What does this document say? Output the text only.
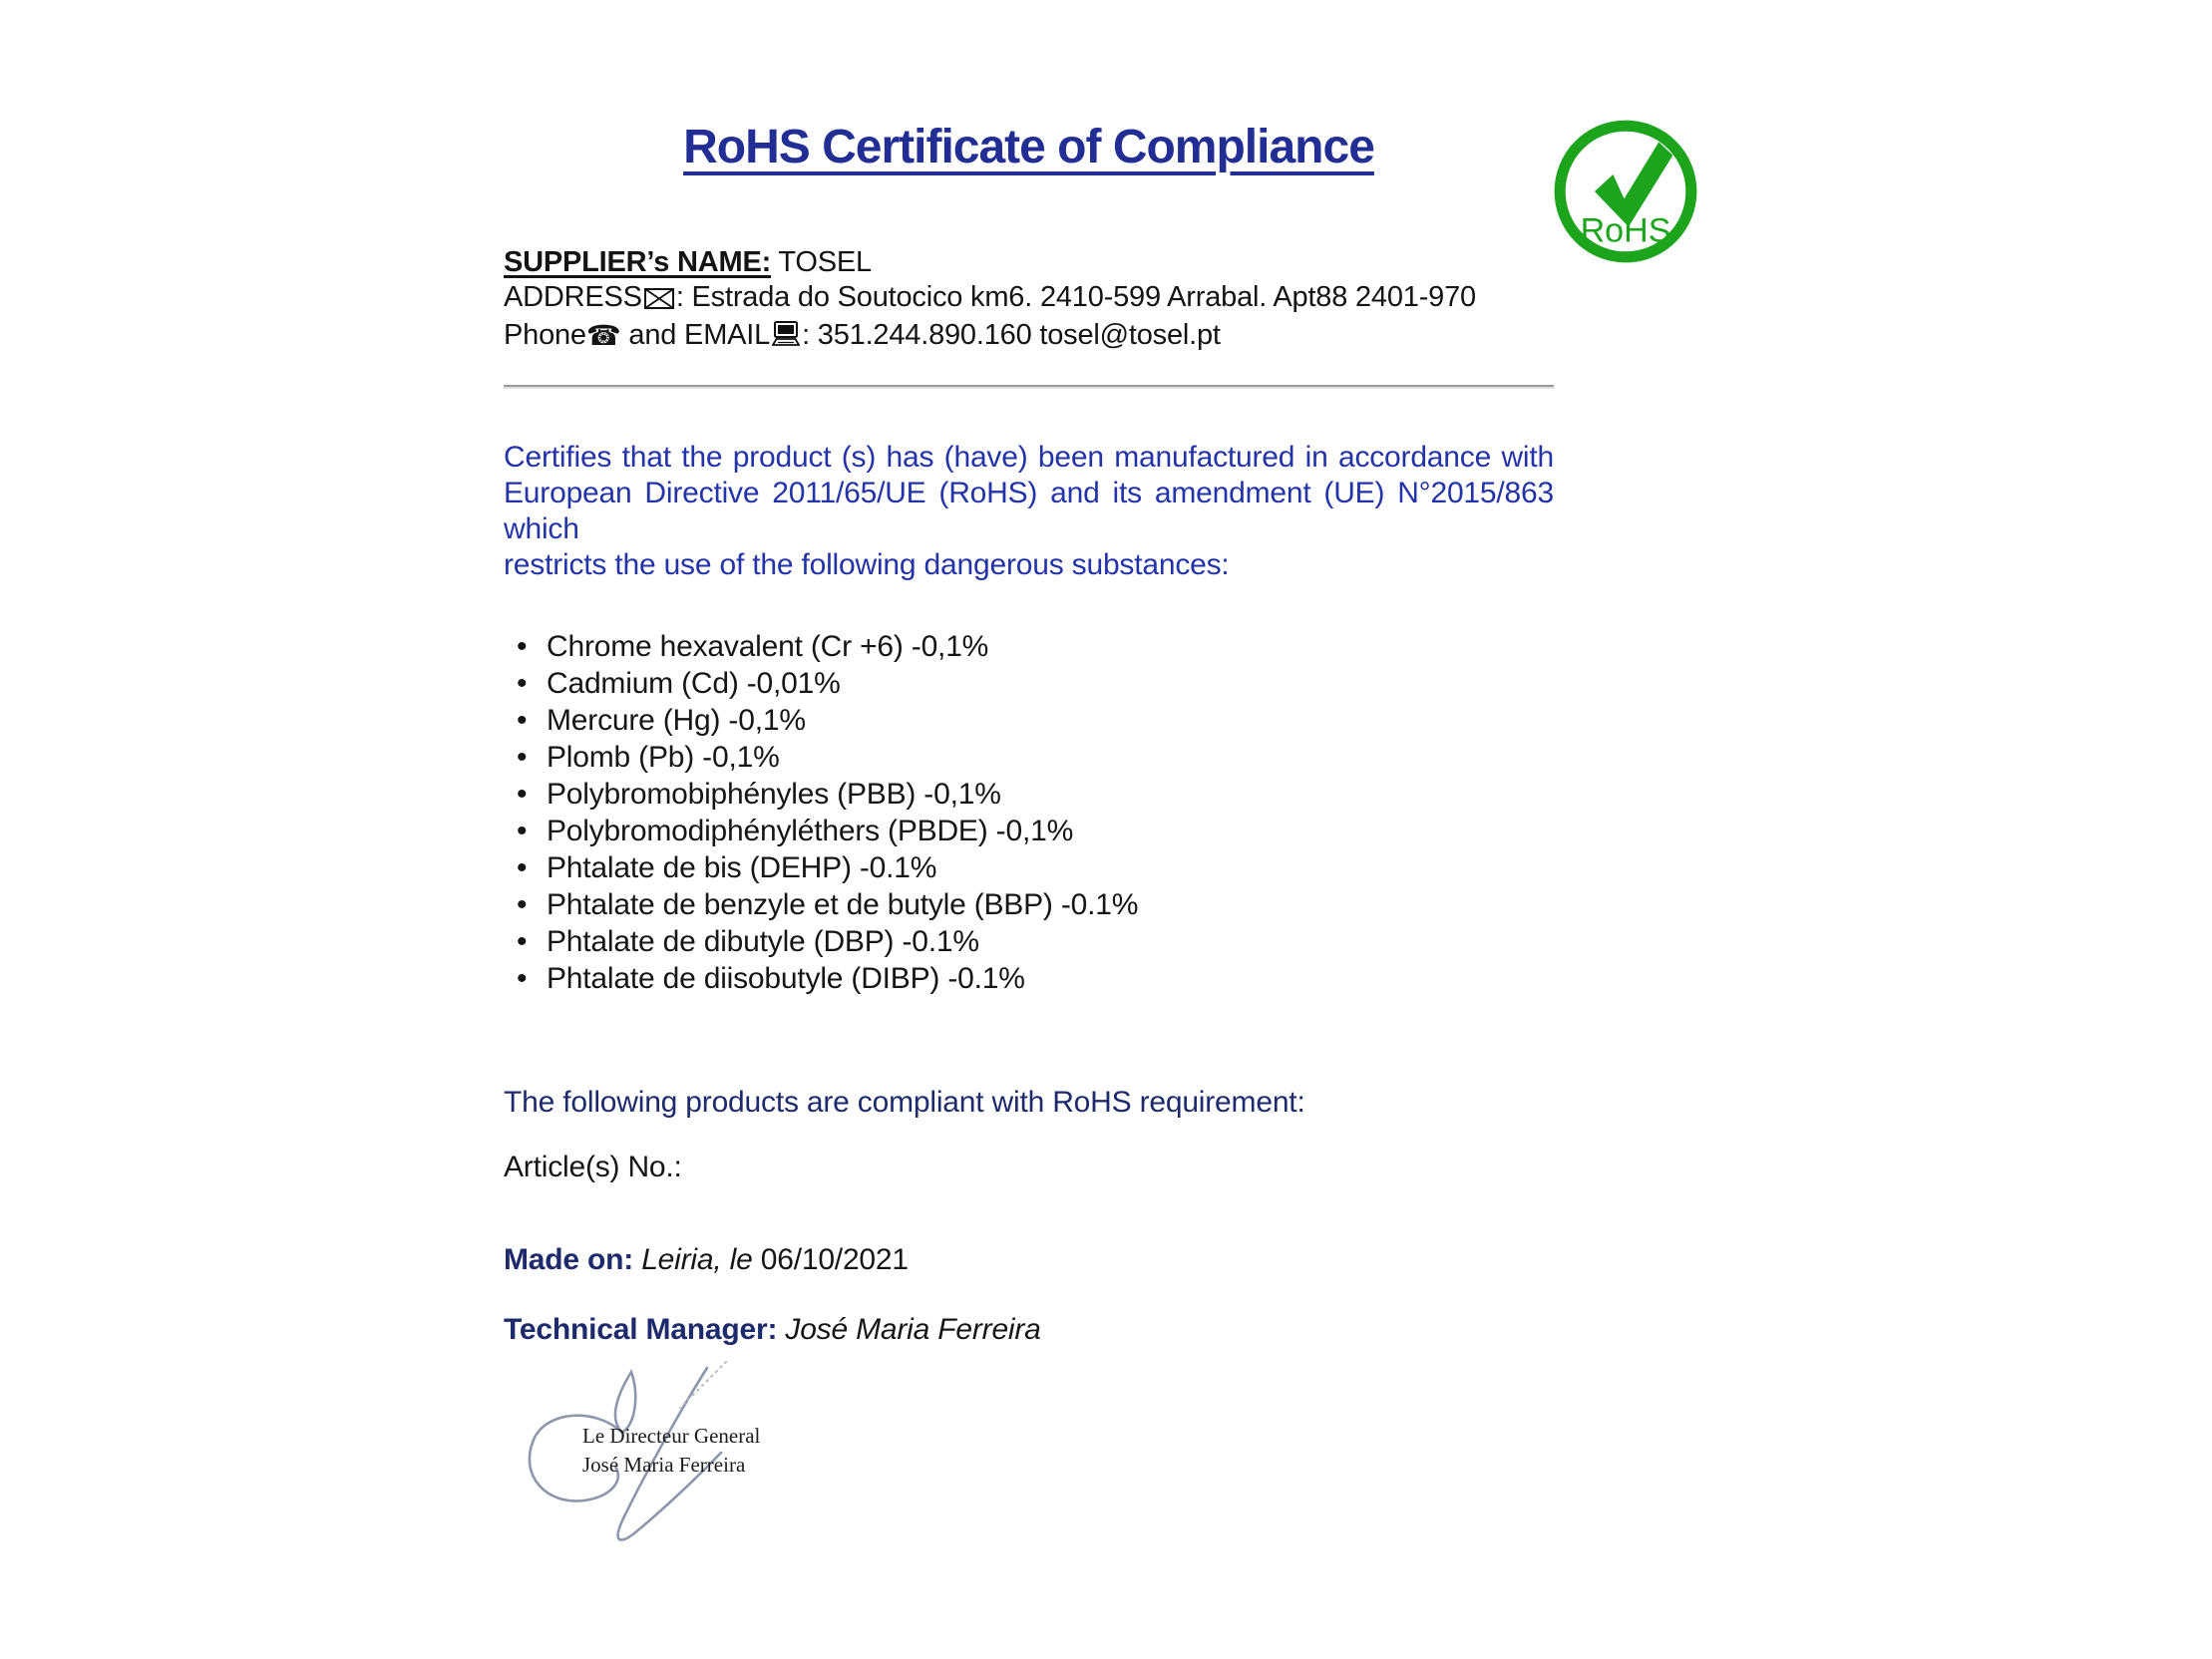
RoHS Certificate of Compliance
RoHS
SUPPLIER’s NAME: TOSEL
ADDRESS : Estrada do Soutocico km6. 2410-599 Arrabal. Apt88 2401-970
Phone☎ and EMAIL : 351.244.890.160 tosel@tosel.pt
Certifies that the product (s) has (have) been manufactured in accordance with
European Directive 2011/65/UE (RoHS) and its amendment (UE) N°2015/863 which
restricts the use of the following dangerous substances:
• Chrome hexavalent (Cr +6) -0,1%
• Cadmium (Cd) -0,01%
• Mercure (Hg) -0,1%
• Plomb (Pb) -0,1%
• Polybromobiphényles (PBB) -0,1%
• Polybromodiphényléthers (PBDE) -0,1%
• Phtalate de bis (DEHP) -0.1%
• Phtalate de benzyle et de butyle (BBP) -0.1%
• Phtalate de dibutyle (DBP) -0.1%
• Phtalate de diisobutyle (DIBP) -0.1%
The following products are compliant with RoHS requirement:
Article(s) No.:
Made on: Leiria, le 06/10/2021
Technical Manager: José Maria Ferreira
Le Directeur General
José Maria Ferreira
